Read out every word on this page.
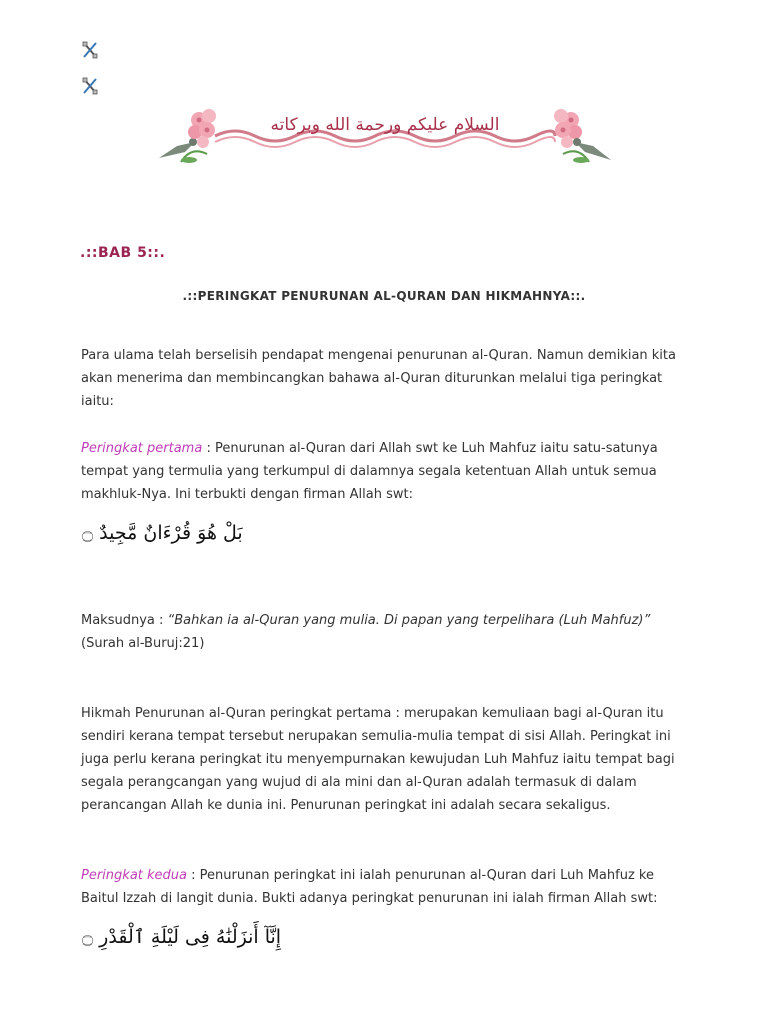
السلام عليكم ورحمة الله وبركاته
.::BAB 5::.
.::PERINGKAT PENURUNAN AL-QURAN DAN HIKMAHNYA::.

Para ulama telah berselisih pendapat mengenai penurunan al-Quran. Namun demikian kita akan menerima dan membincangkan bahawa al-Quran diturunkan melalui tiga peringkat iaitu:

Peringkat pertama : Penurunan al-Quran dari Allah swt ke Luh Mahfuz iaitu satu-satunya tempat yang termulia yang terkumpul di dalamnya segala ketentuan Allah untuk semua makhluk-Nya. Ini terbukti dengan firman Allah swt:

بَلْ هُوَ قُرْءَانٌ مَّجِيدٌ ۝

Maksudnya : “Bahkan ia al-Quran yang mulia. Di papan yang terpelihara (Luh Mahfuz)”
(Surah al-Buruj:21)

Hikmah Penurunan al-Quran peringkat pertama : merupakan kemuliaan bagi al-Quran itu sendiri kerana tempat tersebut nerupakan semulia-mulia tempat di sisi Allah. Peringkat ini juga perlu kerana peringkat itu menyempurnakan kewujudan Luh Mahfuz iaitu tempat bagi segala perangcangan yang wujud di ala mini dan al-Quran adalah termasuk di dalam perancangan Allah ke dunia ini. Penurunan peringkat ini adalah secara sekaligus.

Peringkat kedua : Penurunan peringkat ini ialah penurunan al-Quran dari Luh Mahfuz ke Baitul Izzah di langit dunia. Bukti adanya peringkat penurunan ini ialah firman Allah swt:

إِنَّآ أَنزَلْنَٰهُ فِى لَيْلَةِ ٱلْقَدْرِ ۝
